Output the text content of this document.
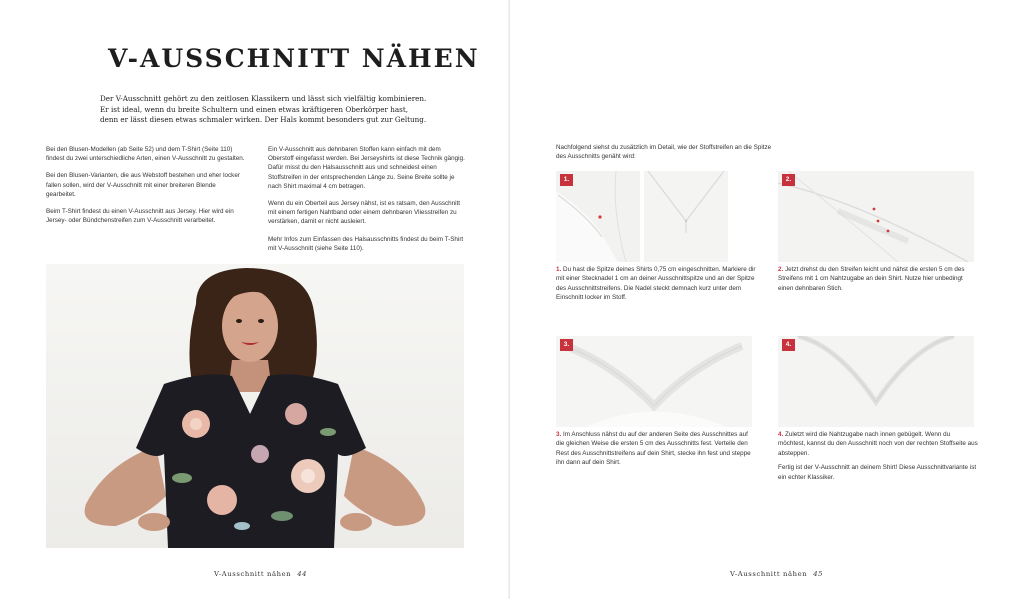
V-AUSSCHNITT NÄHEN
Der V-Ausschnitt gehört zu den zeitlosen Klassikern und lässt sich vielfältig kombinieren.
Er ist ideal, wenn du breite Schultern und einen etwas kräftigeren Oberkörper hast,
denn er lässt diesen etwas schmaler wirken. Der Hals kommt besonders gut zur Geltung.

Bei den Blusen-Modellen (ab Seite 52) und dem T-Shirt (Seite 110) findest du zwei unterschiedliche Arten, einen V-Ausschnitt zu gestalten.

Bei den Blusen-Varianten, die aus Webstoff bestehen und eher locker fallen sollen, wird der V-Ausschnitt mit einer breiteren Blende gearbeitet.

Beim T-Shirt findest du einen V-Ausschnitt aus Jersey. Hier wird ein Jersey- oder Bündchenstreifen zum V-Ausschnitt verarbeitet.

Ein V-Ausschnitt aus dehnbaren Stoffen kann einfach mit dem Oberstoff eingefasst werden. Bei Jerseyshirts ist diese Technik gängig. Dafür misst du den Halsausschnitt aus und schneidest einen Stoffstreifen in der entsprechenden Länge zu. Seine Breite sollte je nach Shirt maximal 4 cm betragen.

Wenn du ein Oberteil aus Jersey nähst, ist es ratsam, den Ausschnitt mit einem fertigen Nahtband oder einem dehnbaren Vliesstreifen zu verstärken, damit er nicht ausleiert.

Mehr Infos zum Einfassen des Halsausschnitts findest du beim T-Shirt mit V-Ausschnitt (siehe Seite 110).

V-Ausschnitt nähen 44

Nachfolgend siehst du zusätzlich im Detail, wie der Stoffstreifen an die Spitze des Ausschnitts genäht wird:

1.	2.

1. Du hast die Spitze deines Shirts 0,75 cm eingeschnitten. Markiere dir mit einer Stecknadel 1 cm an deiner Ausschnittspitze und an der Spitze des Ausschnittstreifens. Die Nadel steckt demnach kurz unter dem Einschnitt locker im Stoff.

2. Jetzt drehst du den Streifen leicht und nähst die ersten 5 cm des Streifens mit 1 cm Nahtzugabe an dein Shirt. Nutze hier unbedingt einen dehnbaren Stich.

3.	4.

3. Im Anschluss nähst du auf der anderen Seite des Ausschnittes auf die gleichen Weise die ersten 5 cm des Ausschnitts fest. Verteile den Rest des Ausschnittstreifens auf dein Shirt, stecke ihn fest und steppe ihn dann auf dein Shirt.

4. Zuletzt wird die Nahtzugabe nach innen gebügelt. Wenn du möchtest, kannst du den Ausschnitt noch von der rechten Stoffseite aus absteppen.

Fertig ist der V-Ausschnitt an deinem Shirt! Diese Ausschnittvariante ist ein echter Klassiker.

V-Ausschnitt nähen 45
